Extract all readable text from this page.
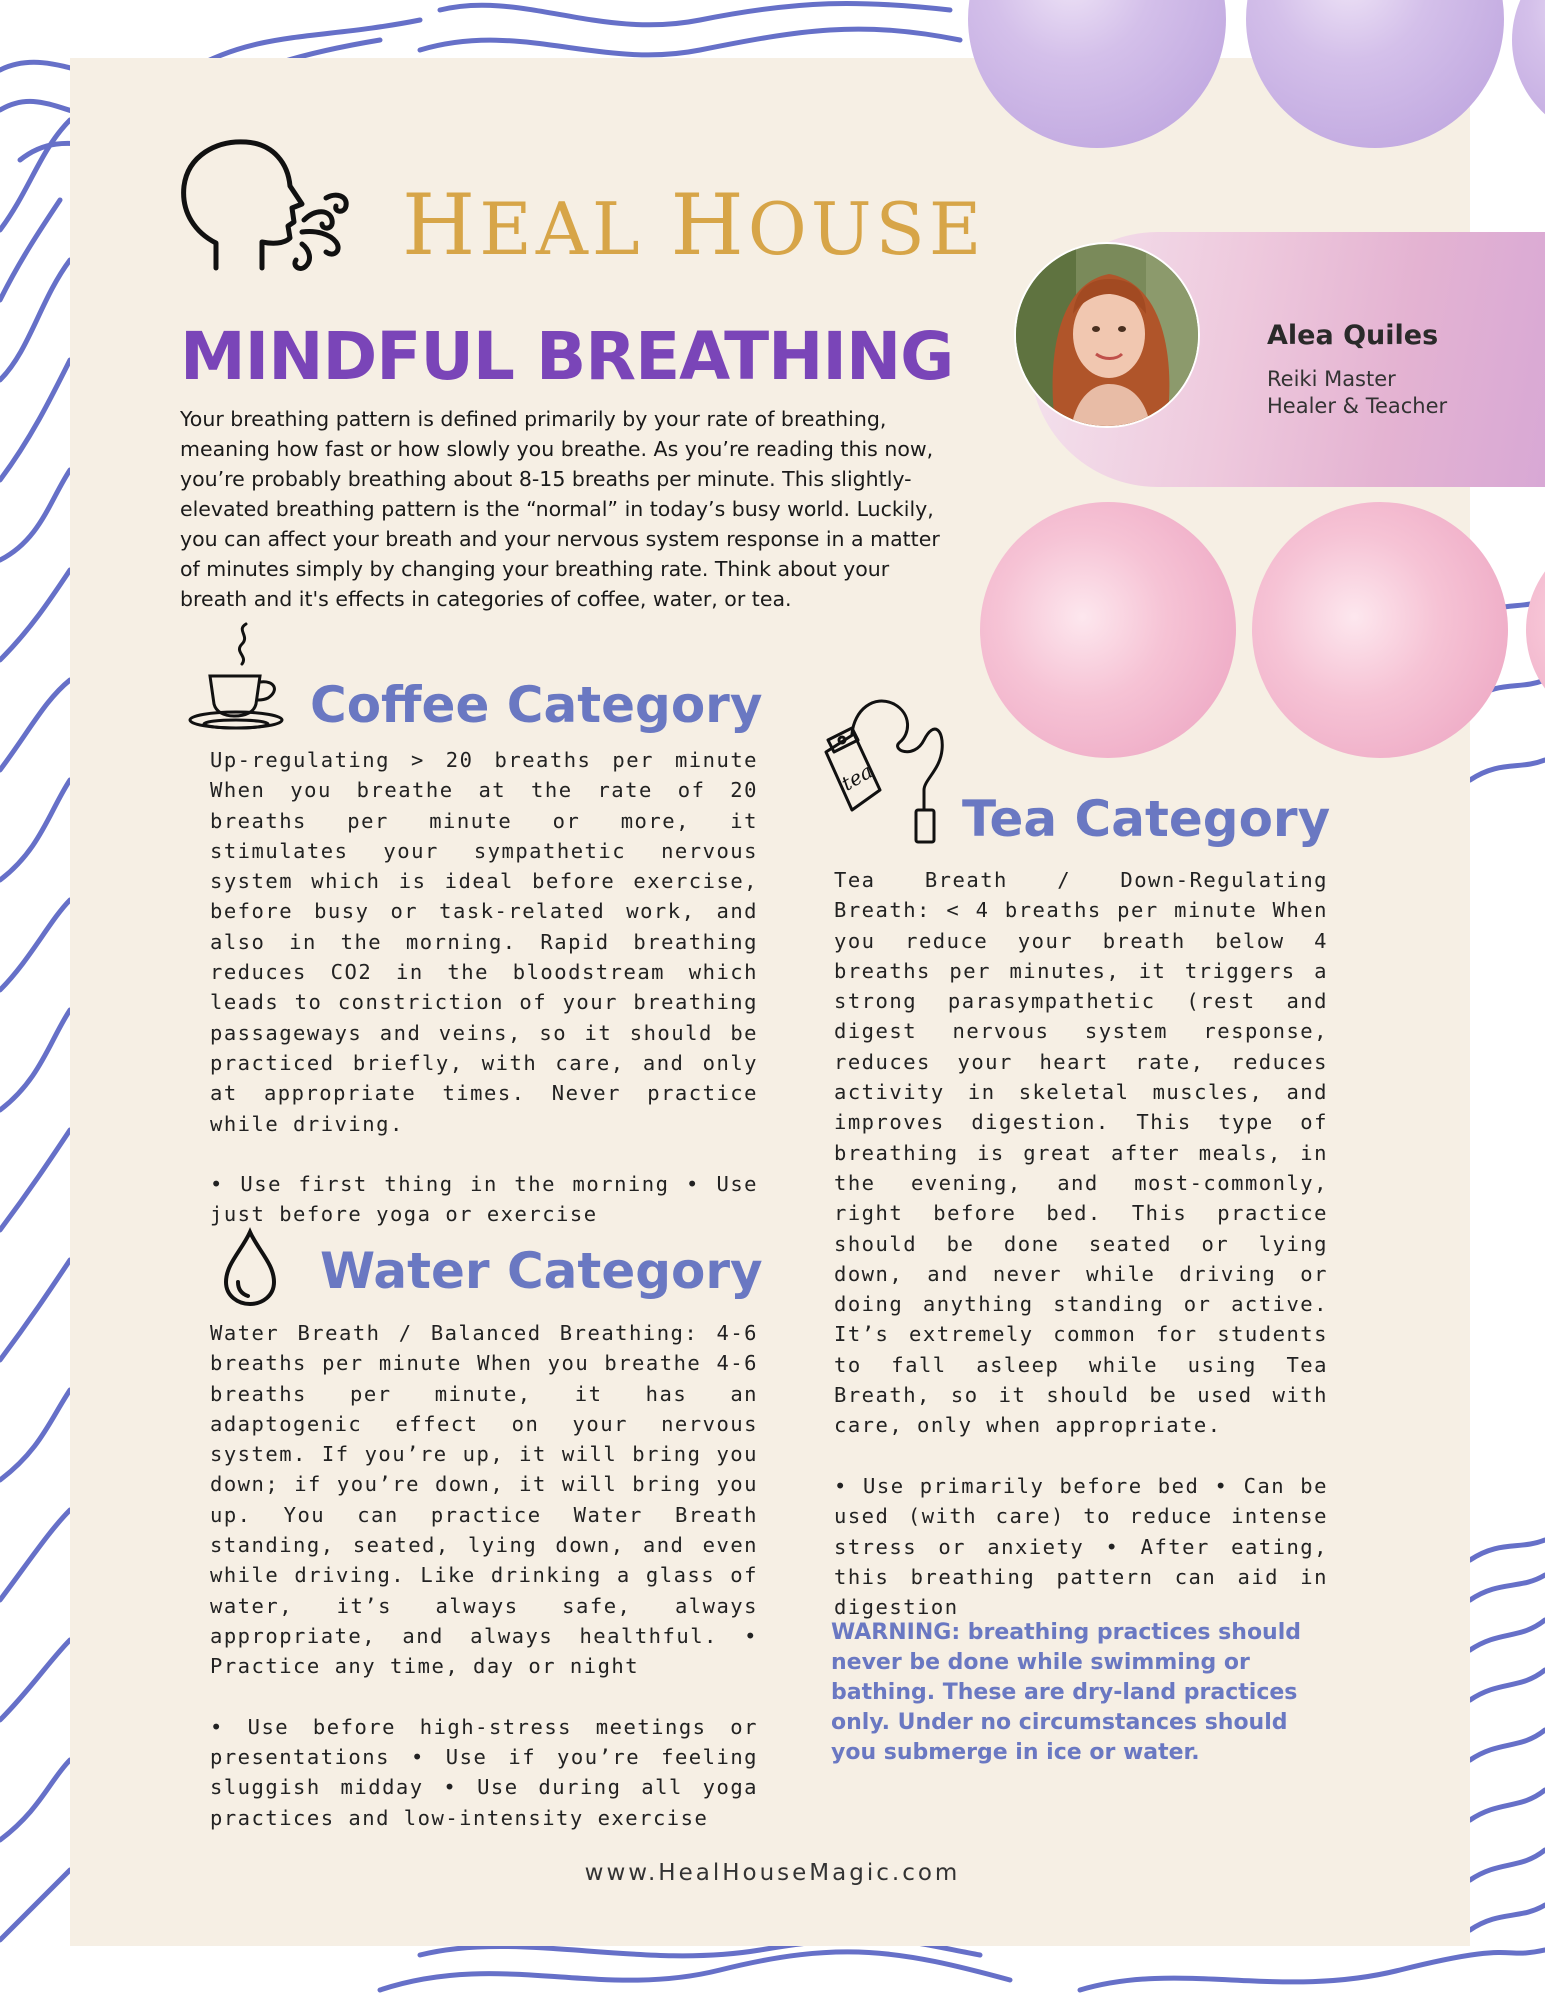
Alea Quiles
Reiki Master
Healer & Teacher
HEAL HOUSE
MINDFUL BREATHING

Your breathing pattern is defined primarily by your rate of breathing, meaning how fast or how slowly you breathe. As you’re reading this now, you’re probably breathing about 8-15 breaths per minute. This slightly-elevated breathing pattern is the “normal” in today’s busy world. Luckily, you can affect your breath and your nervous system response in a matter of minutes simply by changing your breathing rate. Think about your breath and it's effects in categories of coffee, water, or tea.

Coffee Category

Up-regulating > 20 breaths per minute When you breathe at the rate of 20 breaths per minute or more, it stimulates your sympathetic nervous system which is ideal before exercise, before busy or task-related work, and also in the morning. Rapid breathing reduces CO2 in the bloodstream which leads to constriction of your breathing passageways and veins, so it should be practiced briefly, with care, and only at appropriate times. Never practice while driving.

• Use first thing in the morning • Use just before yoga or exercise

Water Category

Water Breath / Balanced Breathing: 4-6 breaths per minute When you breathe 4-6 breaths per minute, it has an adaptogenic effect on your nervous system. If you’re up, it will bring you down; if you’re down, it will bring you up. You can practice Water Breath standing, seated, lying down, and even while driving. Like drinking a glass of water, it’s always safe, always appropriate, and always healthful. • Practice any time, day or night

• Use before high-stress meetings or presentations • Use if you’re feeling sluggish midday • Use during all yoga practices and low-intensity exercise

tea
Tea Category

Tea Breath / Down-Regulating Breath: < 4 breaths per minute When you reduce your breath below 4 breaths per minutes, it triggers a strong parasympathetic (rest and digest nervous system response, reduces your heart rate, reduces activity in skeletal muscles, and improves digestion. This type of breathing is great after meals, in the evening, and most-commonly, right before bed. This practice should be done seated or lying down, and never while driving or doing anything standing or active. It’s extremely common for students to fall asleep while using Tea Breath, so it should be used with care, only when appropriate.

• Use primarily before bed • Can be used (with care) to reduce intense stress or anxiety • After eating, this breathing pattern can aid in digestion

WARNING: breathing practices should never be done while swimming or bathing. These are dry-land practices only. Under no circumstances should you submerge in ice or water.

www.HealHouseMagic.com
